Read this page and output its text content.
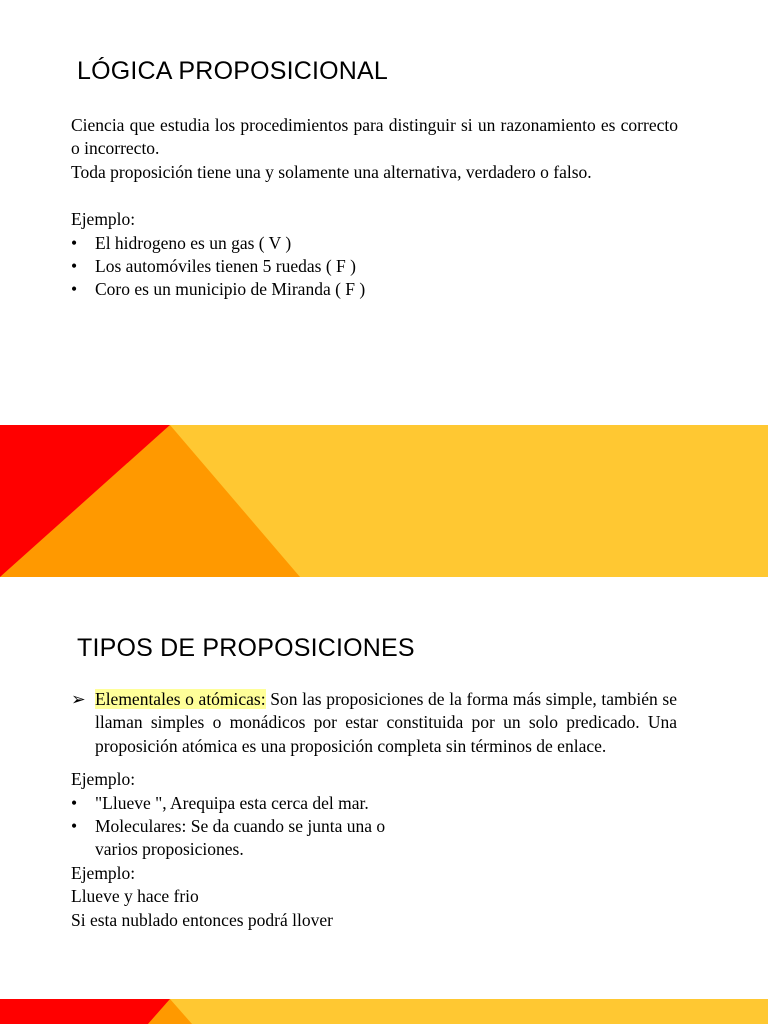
LÓGICA PROPOSICIONAL

Ciencia que estudia los procedimientos para distinguir si un razonamiento es correcto o incorrecto.

Toda proposición tiene una y solamente una alternativa, verdadero o falso.

Ejemplo:

• El hidrogeno es un gas ( V )
• Los automóviles tienen 5 ruedas ( F )
• Coro es un municipio de Miranda ( F )
TIPOS DE PROPOSICIONES
➢ Elementales o atómicas: Son las proposiciones de la forma más simple, también se llaman simples o monádicos por estar constituida por un solo predicado. Una proposición atómica es una proposición completa sin términos de enlace.

Ejemplo:

• "Llueve ", Arequipa esta cerca del mar.
• Moleculares: Se da cuando se junta una o
varios proposiciones.

Ejemplo:

Llueve y hace frio

Si esta nublado entonces podrá llover
